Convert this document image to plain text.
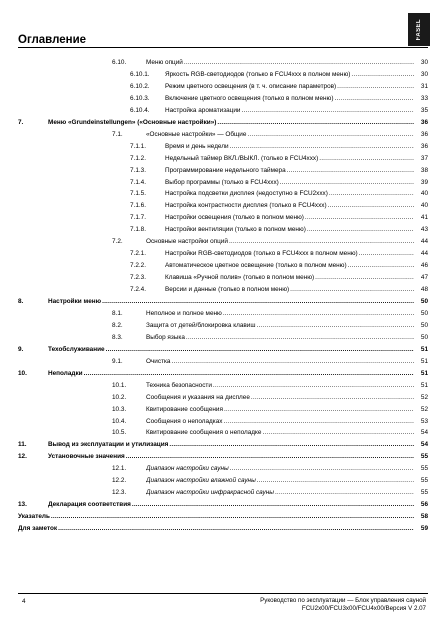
Оглавление	FASEL
6.10.	Меню опций .....	30
6.10.1. Яркость RGB-светодиодов (только в FCU4xxx в полном меню) .....	30
6.10.2. Режим цветного освещения (в т. ч. описание параметров) .....	31
6.10.3. Включение цветного освещения (только в полном меню) .....	33
6.10.4. Настройка ароматизации .....	35
7.	Меню «Grundeinstellungen» («Основные настройки») .....	36
7.1.	«Основные настройки» — Общие .....	36
7.1.1.	Время и день недели .....	36
7.1.2.	Недельный таймер ВКЛ./ВЫКЛ. (только в FCU4xxx) .....	37
7.1.3.	Программирование недельного таймера .....	38
7.1.4.	Выбор программы (только в FCU4xxx) .....	39
7.1.5.	Настройка подсветки дисплея (недоступно в FCU2xxx) .....	40
7.1.6.	Настройка контрастности дисплея (только в FCU4xxx) .....	40
7.1.7.	Настройки освещения (только в полном меню) .....	41
7.1.8.	Настройки вентиляции (только в полном меню) .....	43
7.2.	Основные настройки опций .....	44
7.2.1.	Настройки RGB-светодиодов (только в FCU4xxx в полном меню) .....	44
7.2.2.	Автоматическое цветное освещение (только в полном меню) .....	46
7.2.3.	Клавиша «Ручной полив» (только в полном меню) .....	47
7.2.4.	Версии и данные (только в полном меню) .....	48
8.	Настройки меню .....	50
8.1.	Неполное и полное меню .....	50
8.2.	Защита от детей/блокировка клавиш .....	50
8.3.	Выбор языка .....	50
9.	Техобслуживание .....	51
9.1.	Очистка .....	51
10.	Неполадки .....	51
10.1.	Техника безопасности .....	51
10.2.	Сообщения и указания на дисплее .....	52
10.3.	Квитирование сообщения .....	52
10.4.	Сообщения о неполадках .....	53
10.5.	Квитирование сообщения о неполадке .....	54
11.	Вывод из эксплуатации и утилизация .....	54
12.	Установочные значения .....	55
12.1.	Диапазон настройки сауны .....	55
12.2.	Диапазон настройки влажной сауны .....	55
12.3.	Диапазон настройки инфракрасной сауны .....	55
13.	Декларация соответствия .....	56
Указатель .....	58
Для заметок .....	59
4	Руководство по эксплуатации — Блок управления сауной
FCU2x00/FCU3x00/FCU4x00/Версия V 2.07
